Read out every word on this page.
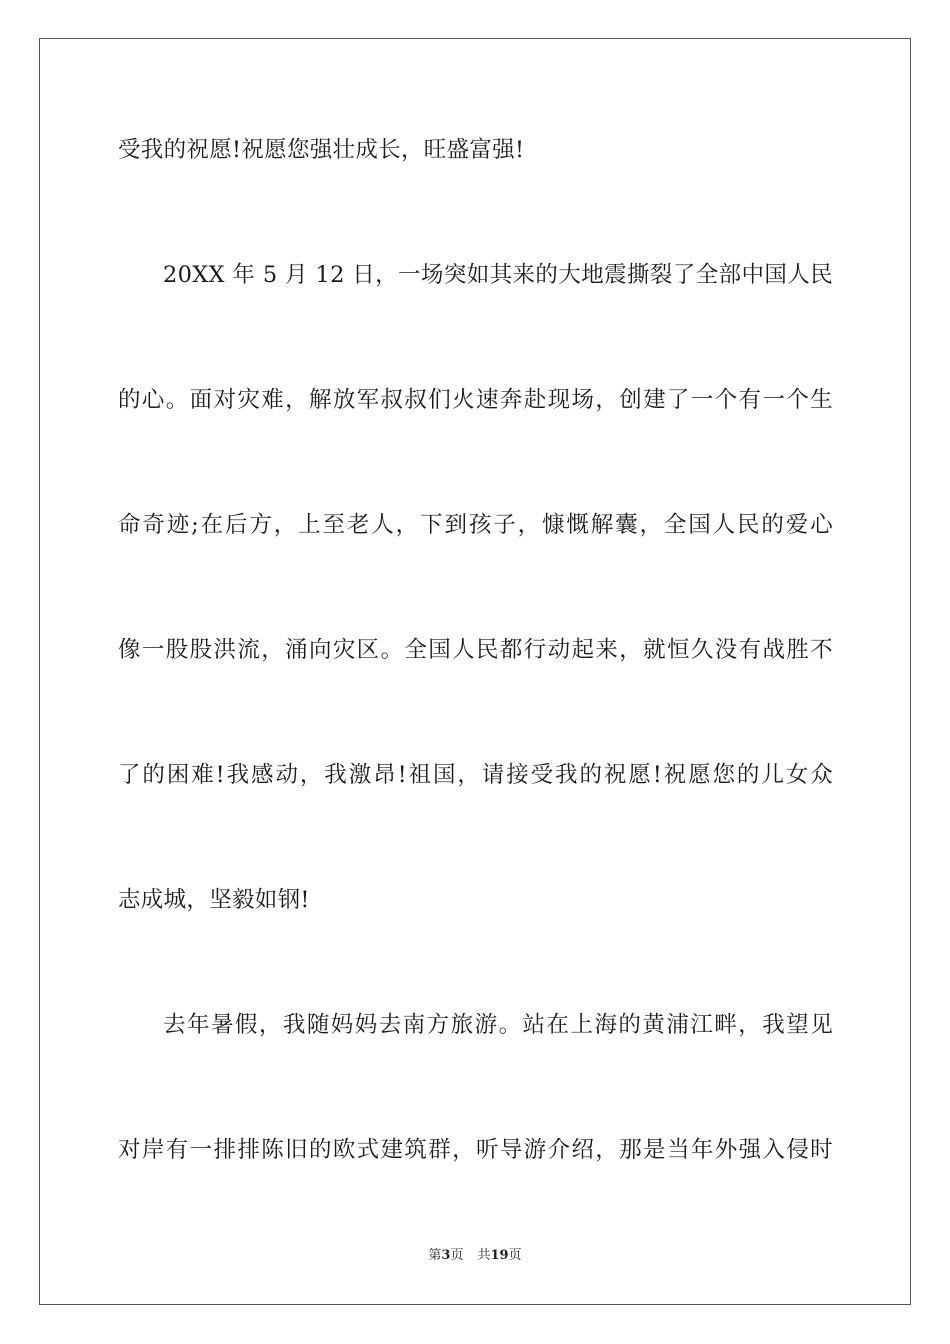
受我的祝愿!祝愿您强壮成长，旺盛富强!
20XX 年 5 月 12 日，一场突如其来的大地震撕裂了全部中国人民
的心。面对灾难，解放军叔叔们火速奔赴现场，创建了一个有一个生
命奇迹;在后方，上至老人，下到孩子，慷慨解囊，全国人民的爱心
像一股股洪流，涌向灾区。全国人民都行动起来，就恒久没有战胜不
了的困难!我感动，我激昂!祖国，请接受我的祝愿!祝愿您的儿女众
志成城，坚毅如钢!
去年暑假，我随妈妈去南方旅游。站在上海的黄浦江畔，我望见
对岸有一排排陈旧的欧式建筑群，听导游介绍，那是当年外强入侵时
第3页 共19页
